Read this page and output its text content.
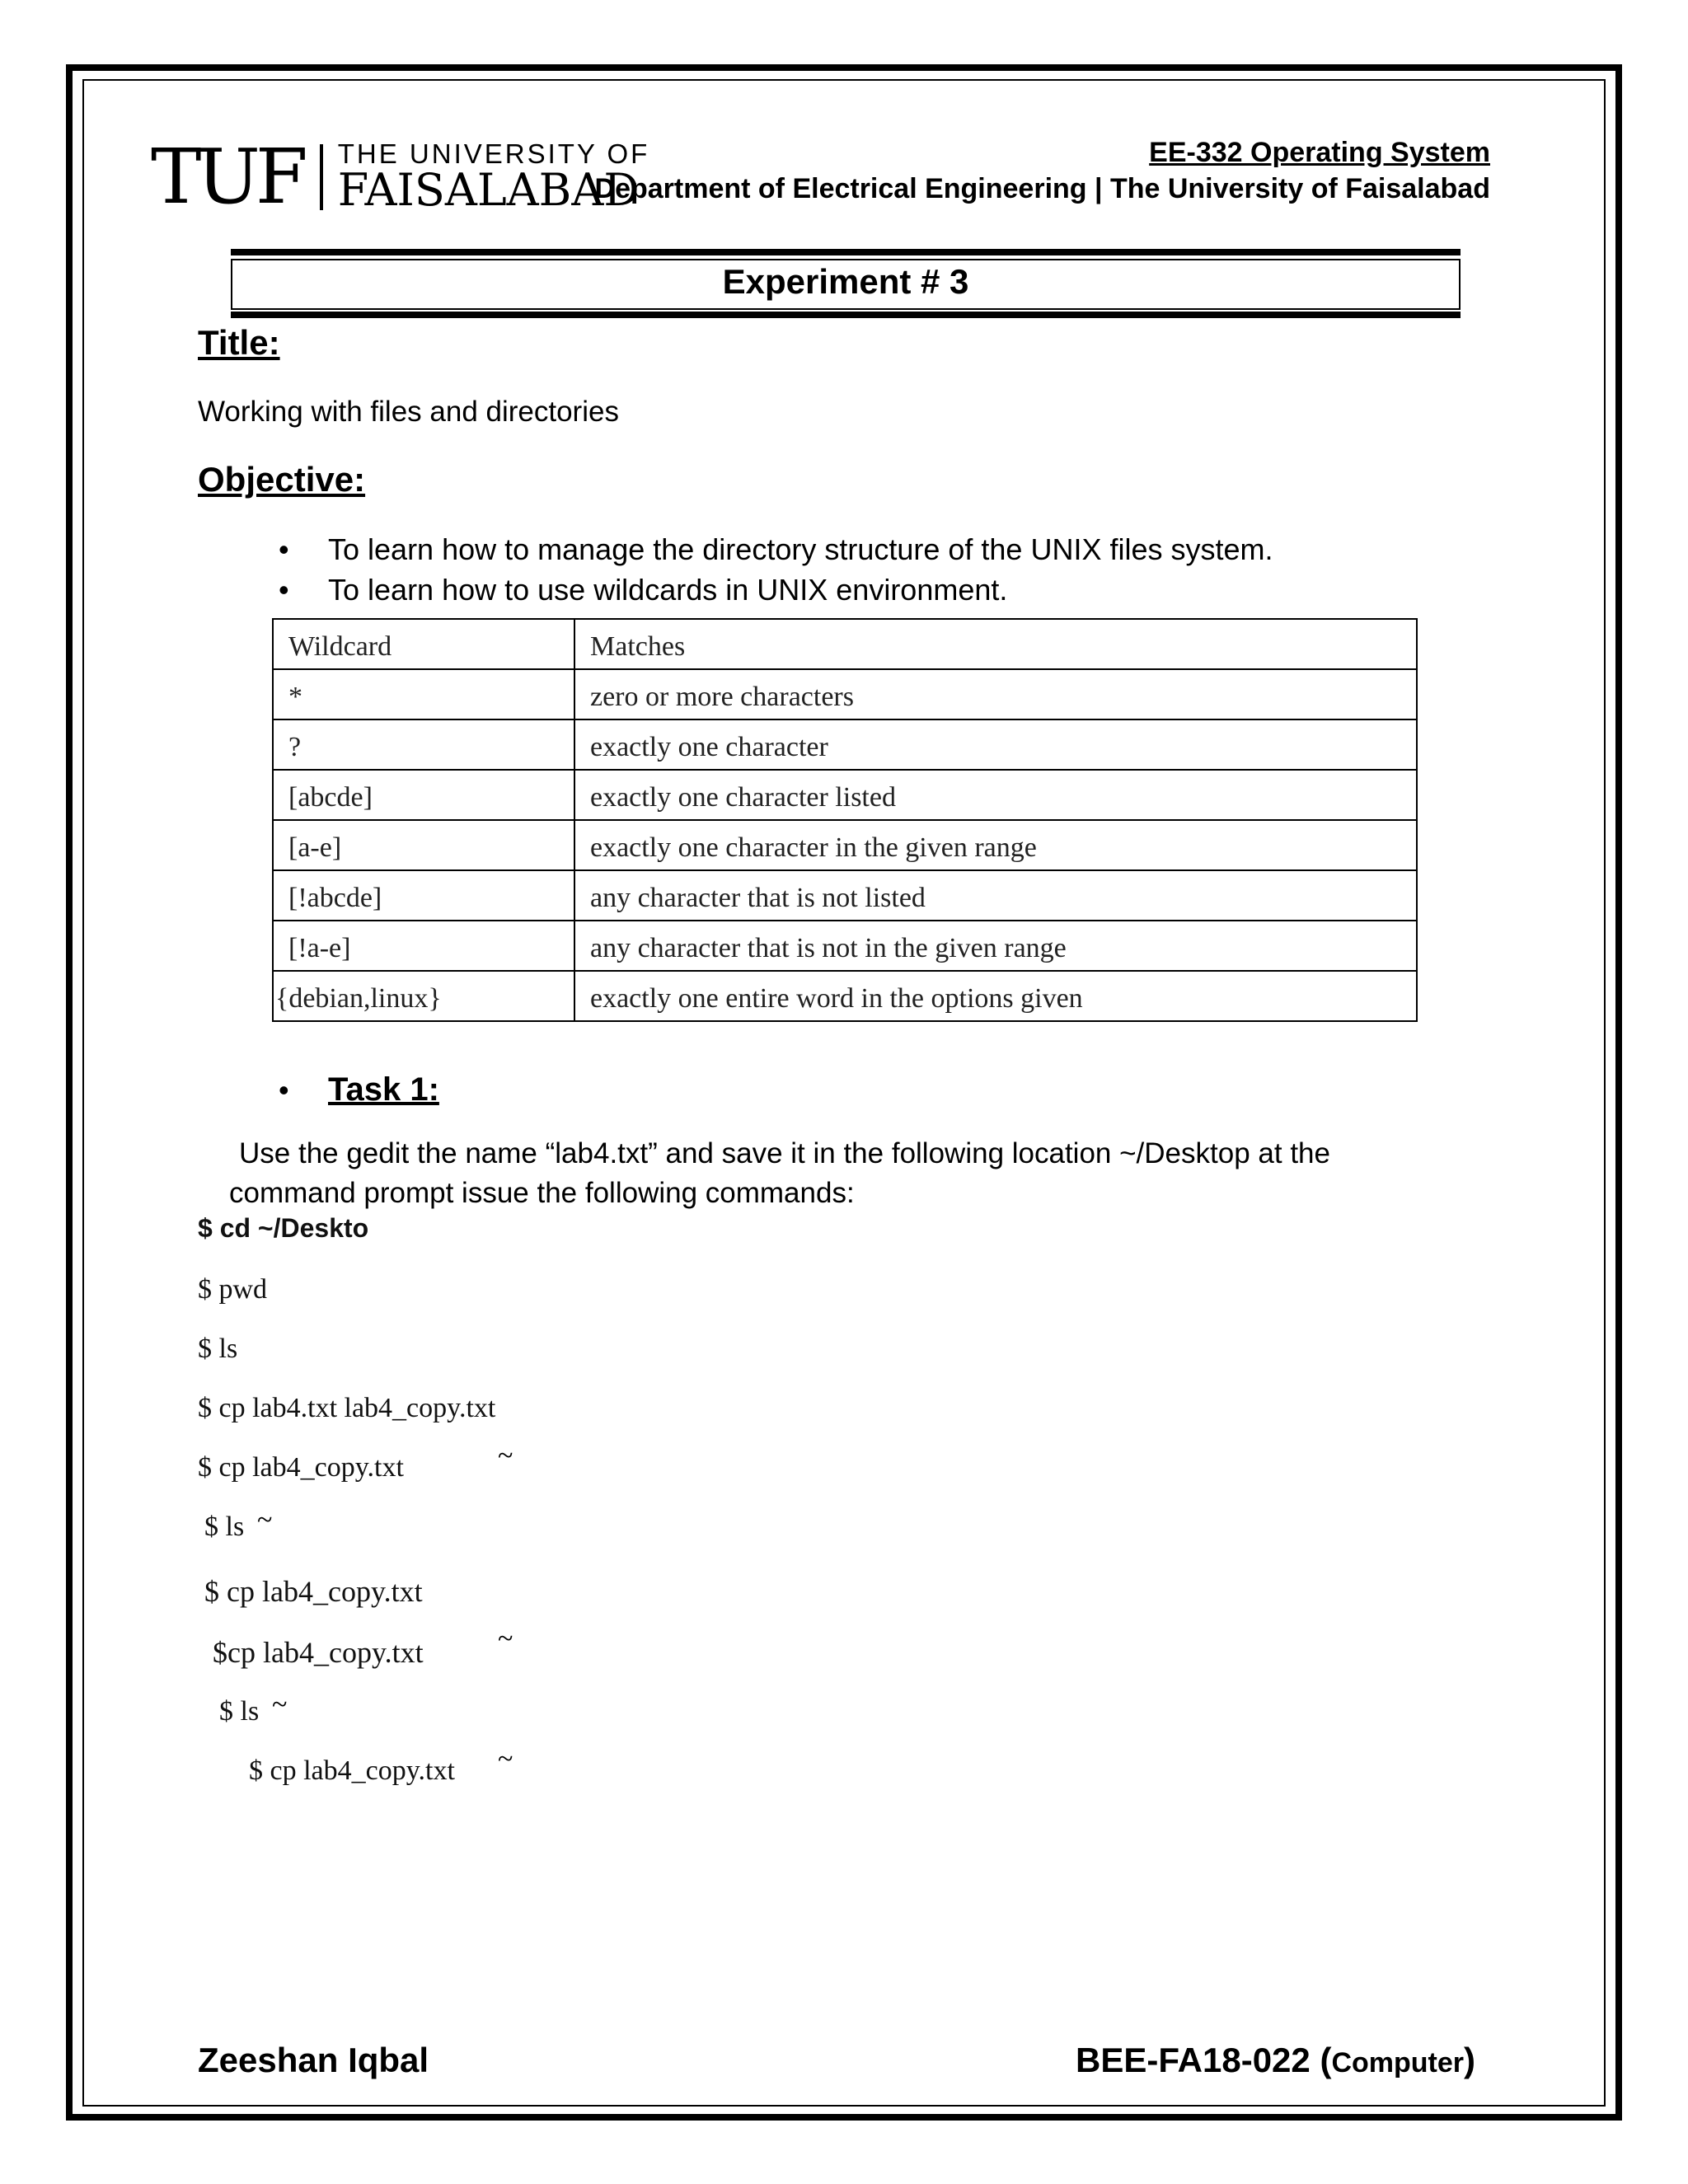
TUF THE UNIVERSITY OF
FAISALABAD
EE-332 Operating System
Department of Electrical Engineering | The University of Faisalabad
Experiment # 3
Title:
Working with files and directories
Objective:
• To learn how to manage the directory structure of the UNIX files system.
• To learn how to use wildcards in UNIX environment.
Wildcard	Matches
*	zero or more characters
?	exactly one character
[abcde]	exactly one character listed
[a-e]	exactly one character in the given range
[!abcde]	any character that is not listed
[!a-e]	any character that is not in the given range
{debian,linux}	exactly one entire word in the options given
• Task 1:
Use the gedit the name “lab4.txt” and save it in the following location ~/Desktop at the
command prompt issue the following commands:
$ cd ~/Deskto
$ pwd
$ ls
$ cp lab4.txt lab4_copy.txt
$ cp lab4_copy.txt	~
$ ls ~
$ cp lab4_copy.txt
$cp lab4_copy.txt	~
$ ls ~
$ cp lab4_copy.txt ~
Zeeshan Iqbal	BEE-FA18-022 (Computer)
